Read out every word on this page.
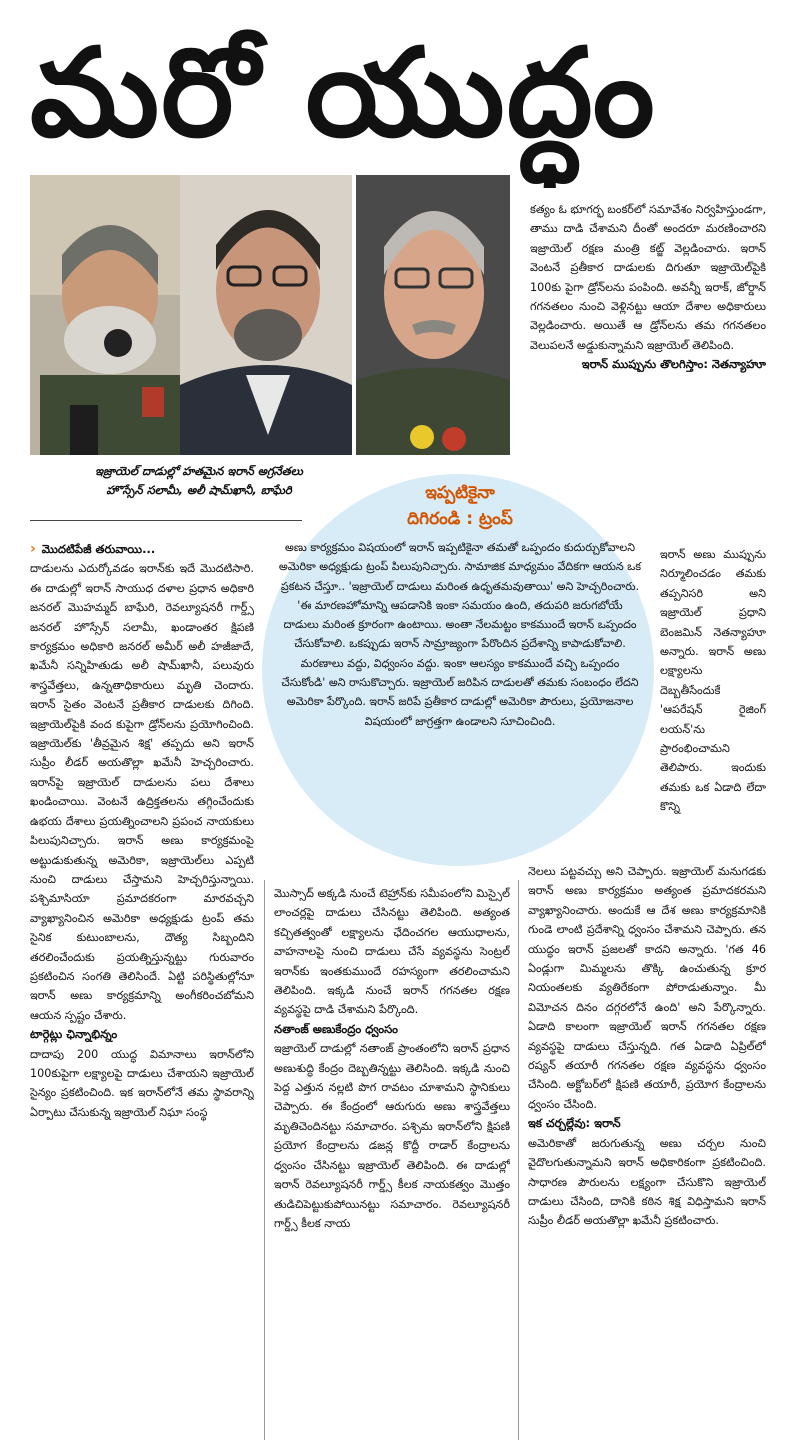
మరో యుద్ధం
ఇజ్రాయెల్ దాడుల్లో హతమైన ఇరాన్ అగ్రనేతలు
హొస్సేన్ సలామీ, అలీ షామ్‌ఖానీ, బాఘేరి

కత్యం ఓ భూగర్భ బంకర్‌లో సమావేశం నిర్వహిస్తుండగా, తాము దాడి చేశామని దీంతో అందరూ మరణించారని ఇజ్రాయెల్ రక్షణ మంత్రి కట్జ్ వెల్లడించారు. ఇరాన్ వెంటనే ప్రతీకార దాడులకు దిగుతూ ఇజ్రాయెల్‌పైకి 100కు పైగా డ్రోన్‌లను పంపింది. అవన్నీ ఇరాక్, జోర్డాన్ గగనతలం నుంచి వెళ్లినట్టు ఆయా దేశాల అధికారులు వెల్లడించారు. అయితే ఆ డ్రోన్‌లను తమ గగనతలం వెలుపలనే అడ్డుకున్నామని ఇజ్రాయెల్ తెలిపింది.

ఇరాన్ ముప్పును తొలగిస్తాం: నెతన్యాహూ

› మొదటిపేజీ తరువాయి...

దాడులను ఎదుర్కోవడం ఇరాన్‌కు ఇదే మొదటిసారి. ఈ దాడుల్లో ఇరాన్ సాయుధ దళాల ప్రధాన అధికారి జనరల్ మొహమ్మద్ బాఘేరి, రెవల్యూషనరీ గార్డ్స్ జనరల్ హొస్సేన్ సలామీ, ఖండాంతర క్షిపణి కార్యక్రమం అధికారి జనరల్ అమీర్ అలీ హజీజాదే, ఖమేనీ సన్నిహితుడు అలీ షామ్‌ఖానీ, పలువురు శాస్త్రవేత్తలు, ఉన్నతాధికారులు మృతి చెందారు. ఇరాన్ సైతం వెంటనే ప్రతీకార దాడులకు దిగింది. ఇజ్రాయెల్‌పైకి వంద కుపైగా డ్రోన్‌లను ప్రయోగించింది. ఇజ్రాయెల్‌కు 'తీవ్రమైన శిక్ష' తప్పదు అని ఇరాన్ సుప్రీం లీడర్ అయతొల్లా ఖమేనీ హెచ్చరించారు. ఇరాన్‌పై ఇజ్రాయెల్ దాడులను పలు దేశాలు ఖండించాయి. వెంటనే ఉద్రిక్తతలను తగ్గించేందుకు ఉభయ దేశాలు ప్రయత్నించాలని ప్రపంచ నాయకులు పిలుపునిచ్చారు. ఇరాన్ అణు కార్యక్రమంపై అట్టుడుకుతున్న అమెరికా, ఇజ్రాయెల్‌లు ఎప్పటి నుంచి దాడులు చేస్తామని హెచ్చరిస్తున్నాయి. పశ్చిమాసియా ప్రమాదకరంగా మారవచ్చని వ్యాఖ్యానించిన అమెరికా అధ్యక్షుడు ట్రంప్ తమ సైనిక కుటుంబాలను, దౌత్య సిబ్బందిని తరలించేందుకు ప్రయత్నిస్తున్నట్టు గురువారం ప్రకటించిన సంగతి తెలిసిందే. ఏట్టి పరిస్థితుల్లోనూ ఇరాన్ అణు కార్యక్రమాన్ని అంగీకరించబోమని ఆయన స్పష్టం చేశారు.

టార్గెట్లు ఛిన్నాభిన్నం

దాదాపు 200 యుద్ధ విమానాలు ఇరాన్‌లోని 100కుపైగా లక్ష్యాలపై దాడులు చేశాయని ఇజ్రాయెల్ సైన్యం ప్రకటించింది. ఇక ఇరాన్‌లోనే తమ స్థావరాన్ని ఏర్పాటు చేసుకున్న ఇజ్రాయెల్ నిఘా సంస్థ

ఇప్పటికైనా
దిగిరండి : ట్రంప్
అణు కార్యక్రమం విషయంలో ఇరాన్ ఇప్పటికైనా తమతో ఒప్పందం కుదుర్చుకోవాలని అమెరికా అధ్యక్షుడు ట్రంప్ పిలుపునిచ్చారు. సామాజిక మాధ్యమం వేదికగా ఆయన ఒక ప్రకటన చేస్తూ.. 'ఇజ్రాయెల్ దాడులు మరింత ఉధృతమవుతాయి' అని హెచ్చరించారు. 'ఈ మారణహోమాన్ని ఆపడానికి ఇంకా సమయం ఉంది, తదుపరి జరుగబోయే దాడులు మరింత క్రూరంగా ఉంటాయి. అంతా నేలమట్టం కాకముందే ఇరాన్ ఒప్పందం చేసుకోవాలి. ఒకప్పుడు ఇరాన్ సామ్రాజ్యంగా పేరొందిన ప్రదేశాన్ని కాపాడుకోవాలి. మరణాలు వద్దు, విధ్వంసం వద్దు. ఇంకా ఆలస్యం కాకముందే వచ్చి ఒప్పందం చేసుకోండి' అని రాసుకొచ్చారు. ఇజ్రాయెల్ జరిపిన దాడులతో తమకు సంబంధం లేదని అమెరికా పేర్కొంది. ఇరాన్ జరిపే ప్రతీకార దాడుల్లో అమెరికా పౌరులు, ప్రయోజనాల విషయంలో జాగ్రత్తగా ఉండాలని సూచించింది.

ఇరాన్ అణు ముప్పును నిర్మూలించడం తమకు తప్పనిసరి అని ఇజ్రాయెల్ ప్రధాని బెంజమిన్ నెతన్యాహూ అన్నారు. ఇరాన్ అణు లక్ష్యాలను దెబ్బతీసేందుకే 'ఆపరేషన్ రైజింగ్ లయన్'ను ప్రారంభించామని తెలిపారు. ఇందుకు తమకు ఒక ఏడాది లేదా కొన్ని

మొస్సాద్ అక్కడి నుంచే టెహ్రాన్‌కు సమీపంలోని మిస్సైల్ లాంచర్లపై దాడులు చేసినట్టు తెలిపింది. అత్యంత కచ్చితత్వంతో లక్ష్యాలను ఛేదించగల ఆయుధాలను, వాహనాలపై నుంచి దాడులు చేసే వ్యవస్థను సెంట్రల్ ఇరాన్‌కు ఇంతకుముందే రహస్యంగా తరలించామని తెలిపింది. ఇక్కడి నుంచే ఇరాన్ గగనతల రక్షణ వ్యవస్థపై దాడి చేశామని పేర్కొంది.

నతాంజ్ అణుకేంద్రం ధ్వంసం

ఇజ్రాయెల్ దాడుల్లో నతాంజ్ ప్రాంతంలోని ఇరాన్ ప్రధాన అణుశుద్ధి కేంద్రం దెబ్బతిన్నట్టు తెలిసింది. ఇక్కడి నుంచి పెద్ద ఎత్తున నల్లటి పొగ రావటం చూశామని స్థానికులు చెప్పారు. ఈ కేంద్రంలో ఆరుగురు అణు శాస్త్రవేత్తలు మృతిచెందినట్టు సమాచారం. పశ్చిమ ఇరాన్‌లోని క్షిపణి ప్రయోగ కేంద్రాలను డజన్ల కొద్దీ రాడార్ కేంద్రాలను ధ్వంసం చేసినట్టు ఇజ్రాయెల్ తెలిపింది. ఈ దాడుల్లో ఇరాన్ రెవల్యూషనరీ గార్డ్స్ కీలక నాయకత్వం మొత్తం తుడిచిపెట్టుకుపోయినట్టు సమాచారం. రెవల్యూషనరీ గార్డ్స్ కీలక నాయ

నెలలు పట్టవచ్చు అని చెప్పారు. ఇజ్రాయెల్ మనుగడకు ఇరాన్ అణు కార్యక్రమం అత్యంత ప్రమాదకరమని వ్యాఖ్యానించారు. అందుకే ఆ దేశ అణు కార్యక్రమానికి గుండె లాంటి ప్రదేశాన్ని ధ్వంసం చేశామని చెప్పారు. తన యుద్ధం ఇరాన్ ప్రజలతో కాదని అన్నారు. 'గత 46 ఏండ్లుగా మిమ్మలను తొక్కి ఉంచుతున్న క్రూర నియంతలకు వ్యతిరేకంగా పోరాడుతున్నాం. మీ విమోచన దినం దగ్గరలోనే ఉంది' అని పేర్కొన్నారు. ఏడాది కాలంగా ఇజ్రాయెల్ ఇరాన్ గగనతల రక్షణ వ్యవస్థపై దాడులు చేస్తున్నది. గత ఏడాది ఏప్రిల్‌లో రష్యన్ తయారీ గగనతల రక్షణ వ్యవస్థను ధ్వంసం చేసింది. అక్టోబర్‌లో క్షిపణి తయారీ, ప్రయోగ కేంద్రాలను ధ్వంసం చేసింది.

ఇక చర్చల్లేవు: ఇరాన్

అమెరికాతో జరుగుతున్న అణు చర్చల నుంచి వైదొలగుతున్నామని ఇరాన్ అధికారికంగా ప్రకటించింది. సాధారణ పౌరులను లక్ష్యంగా చేసుకొని ఇజ్రాయెల్ దాడులు చేసింది, దానికి కఠిన శిక్ష విధిస్తామని ఇరాన్ సుప్రీం లీడర్ అయతొల్లా ఖమేనీ ప్రకటించారు.
